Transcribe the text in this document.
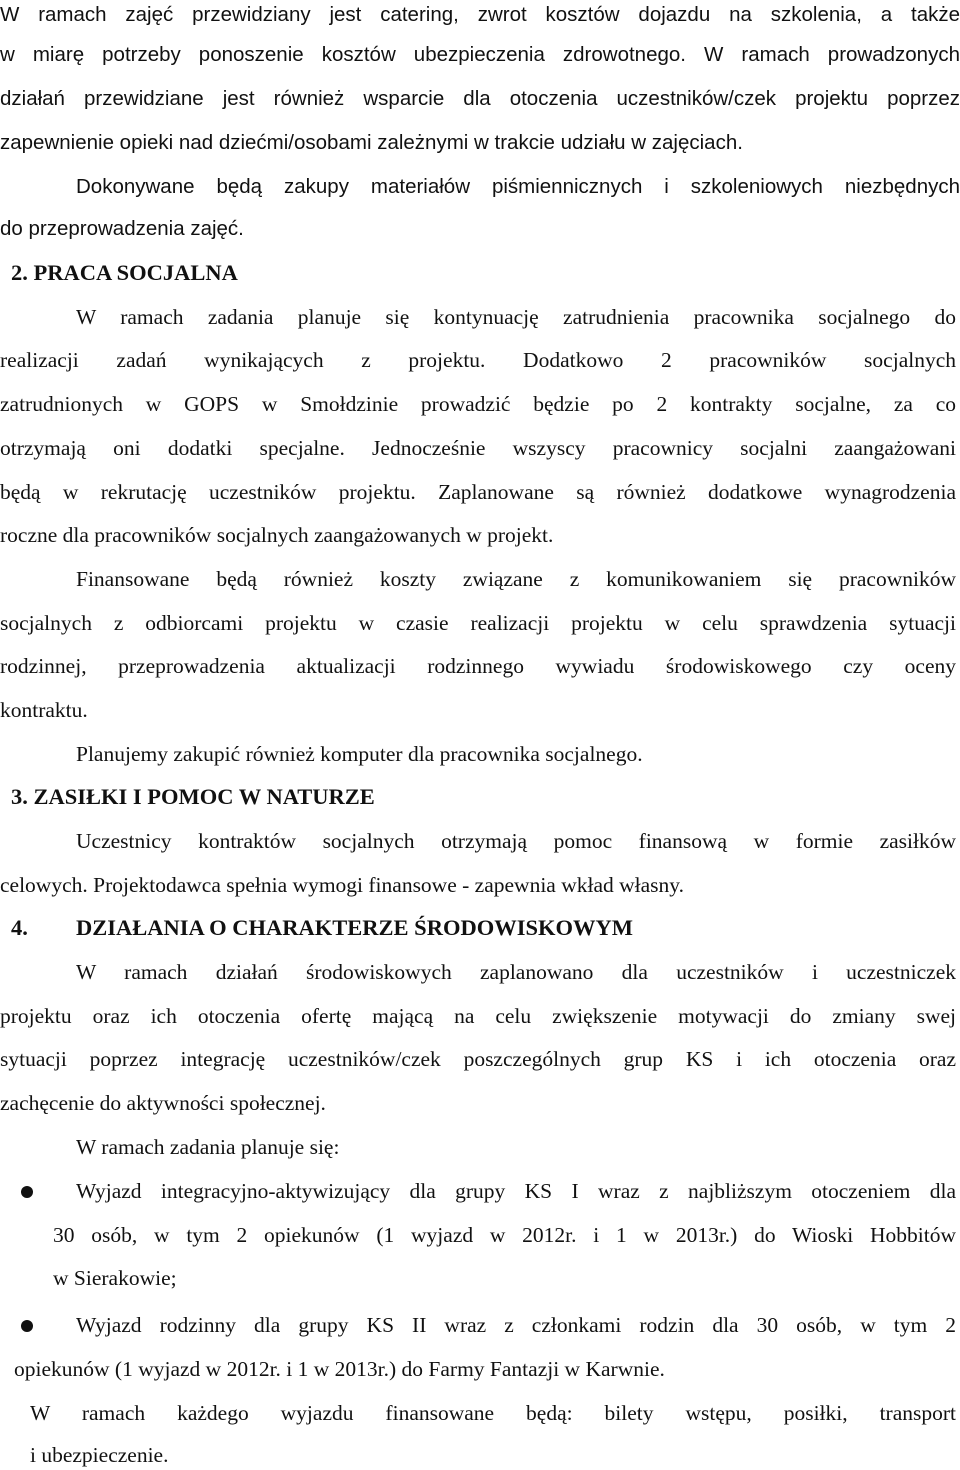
W ramach zajęć przewidziany jest catering, zwrot kosztów dojazdu na szkolenia, a także
w miarę potrzeby ponoszenie kosztów ubezpieczenia zdrowotnego. W ramach prowadzonych
działań przewidziane jest również wsparcie dla otoczenia uczestników/czek projektu poprzez
zapewnienie opieki nad dziećmi/osobami zależnymi w trakcie udziału w zajęciach.
Dokonywane będą zakupy materiałów piśmiennicznych i szkoleniowych niezbędnych
do przeprowadzenia zajęć.
2. PRACA SOCJALNA
W ramach zadania planuje się kontynuację zatrudnienia pracownika socjalnego do
realizacji zadań wynikających z projektu. Dodatkowo 2 pracowników socjalnych
zatrudnionych w GOPS w Smołdzinie prowadzić będzie po 2 kontrakty socjalne, za co
otrzymają oni dodatki specjalne. Jednocześnie wszyscy pracownicy socjalni zaangażowani
będą w rekrutację uczestników projektu. Zaplanowane są również dodatkowe wynagrodzenia
roczne dla pracowników socjalnych zaangażowanych w projekt.
Finansowane będą również koszty związane z komunikowaniem się pracowników
socjalnych z odbiorcami projektu w czasie realizacji projektu w celu sprawdzenia sytuacji
rodzinnej, przeprowadzenia aktualizacji rodzinnego wywiadu środowiskowego czy oceny
kontraktu.
Planujemy zakupić również komputer dla pracownika socjalnego.
3. ZASIŁKI I POMOC W NATURZE
Uczestnicy kontraktów socjalnych otrzymają pomoc finansową w formie zasiłków
celowych. Projektodawca spełnia wymogi finansowe - zapewnia wkład własny.
4.	DZIAŁANIA O CHARAKTERZE ŚRODOWISKOWYM
W ramach działań środowiskowych zaplanowano dla uczestników i uczestniczek
projektu oraz ich otoczenia ofertę mającą na celu zwiększenie motywacji do zmiany swej
sytuacji poprzez integrację uczestników/czek poszczególnych grup KS i ich otoczenia oraz
zachęcenie do aktywności społecznej.
W ramach zadania planuje się:
Wyjazd integracyjno-aktywizujący dla grupy KS I wraz z najbliższym otoczeniem dla
30 osób, w tym 2 opiekunów (1 wyjazd w 2012r. i 1 w 2013r.) do Wioski Hobbitów
w Sierakowie;
Wyjazd rodzinny dla grupy KS II wraz z członkami rodzin dla 30 osób, w tym 2
opiekunów (1 wyjazd w 2012r. i 1 w 2013r.) do Farmy Fantazji w Karwnie.
W ramach każdego wyjazdu finansowane będą: bilety wstępu, posiłki, transport
i ubezpieczenie.
